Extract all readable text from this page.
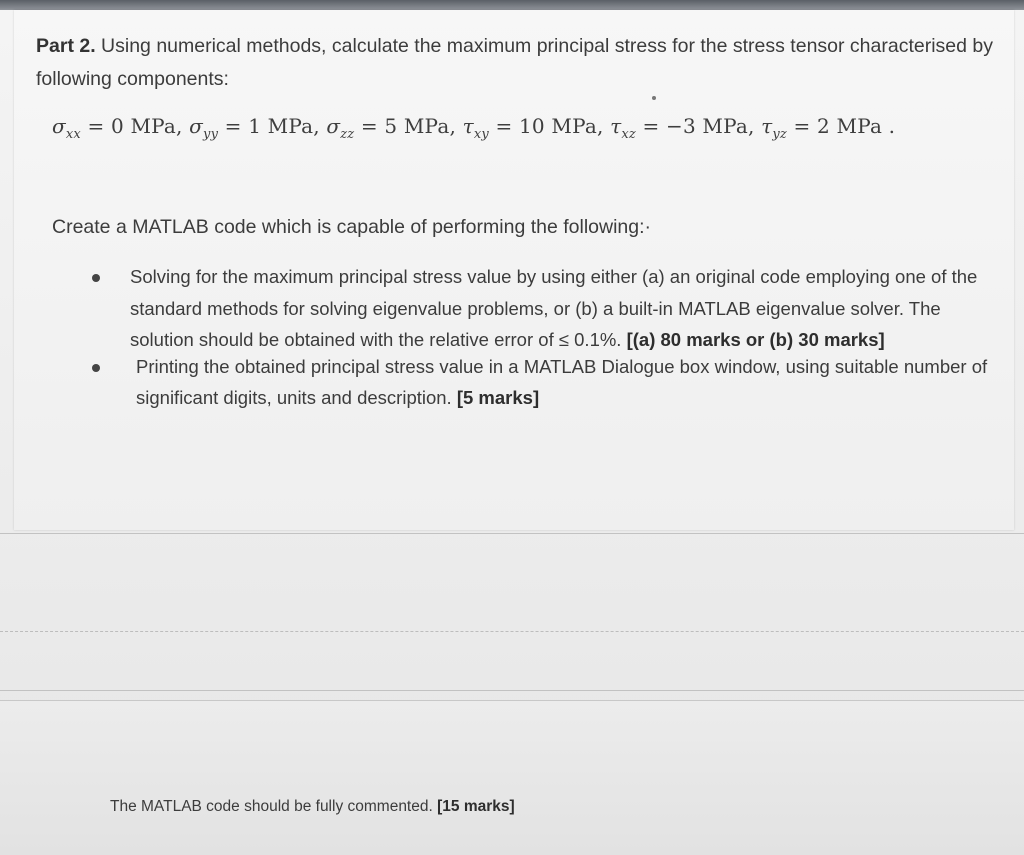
Part 2. Using numerical methods, calculate the maximum principal stress for the stress tensor characterised by following components:
$\sigma_{xx} = 0$ MPa, $\sigma_{yy} = 1$ MPa, $\sigma_{zz} = 5$ MPa, $\tau_{xy} = 10$ MPa, $\tau_{xz} = -3$ MPa, $\tau_{yz} = 2$ MPa .
Create a MATLAB code which is capable of performing the following:·
Solving for the maximum principal stress value by using either (a) an original code employing one of the standard methods for solving eigenvalue problems, or (b) a built-in MATLAB eigenvalue solver. The solution should be obtained with the relative error of ≤ 0.1%. [(a) 80 marks or (b) 30 marks]
Printing the obtained principal stress value in a MATLAB Dialogue box window, using suitable number of significant digits, units and description. [5 marks]
The MATLAB code should be fully commented. [15 marks]
